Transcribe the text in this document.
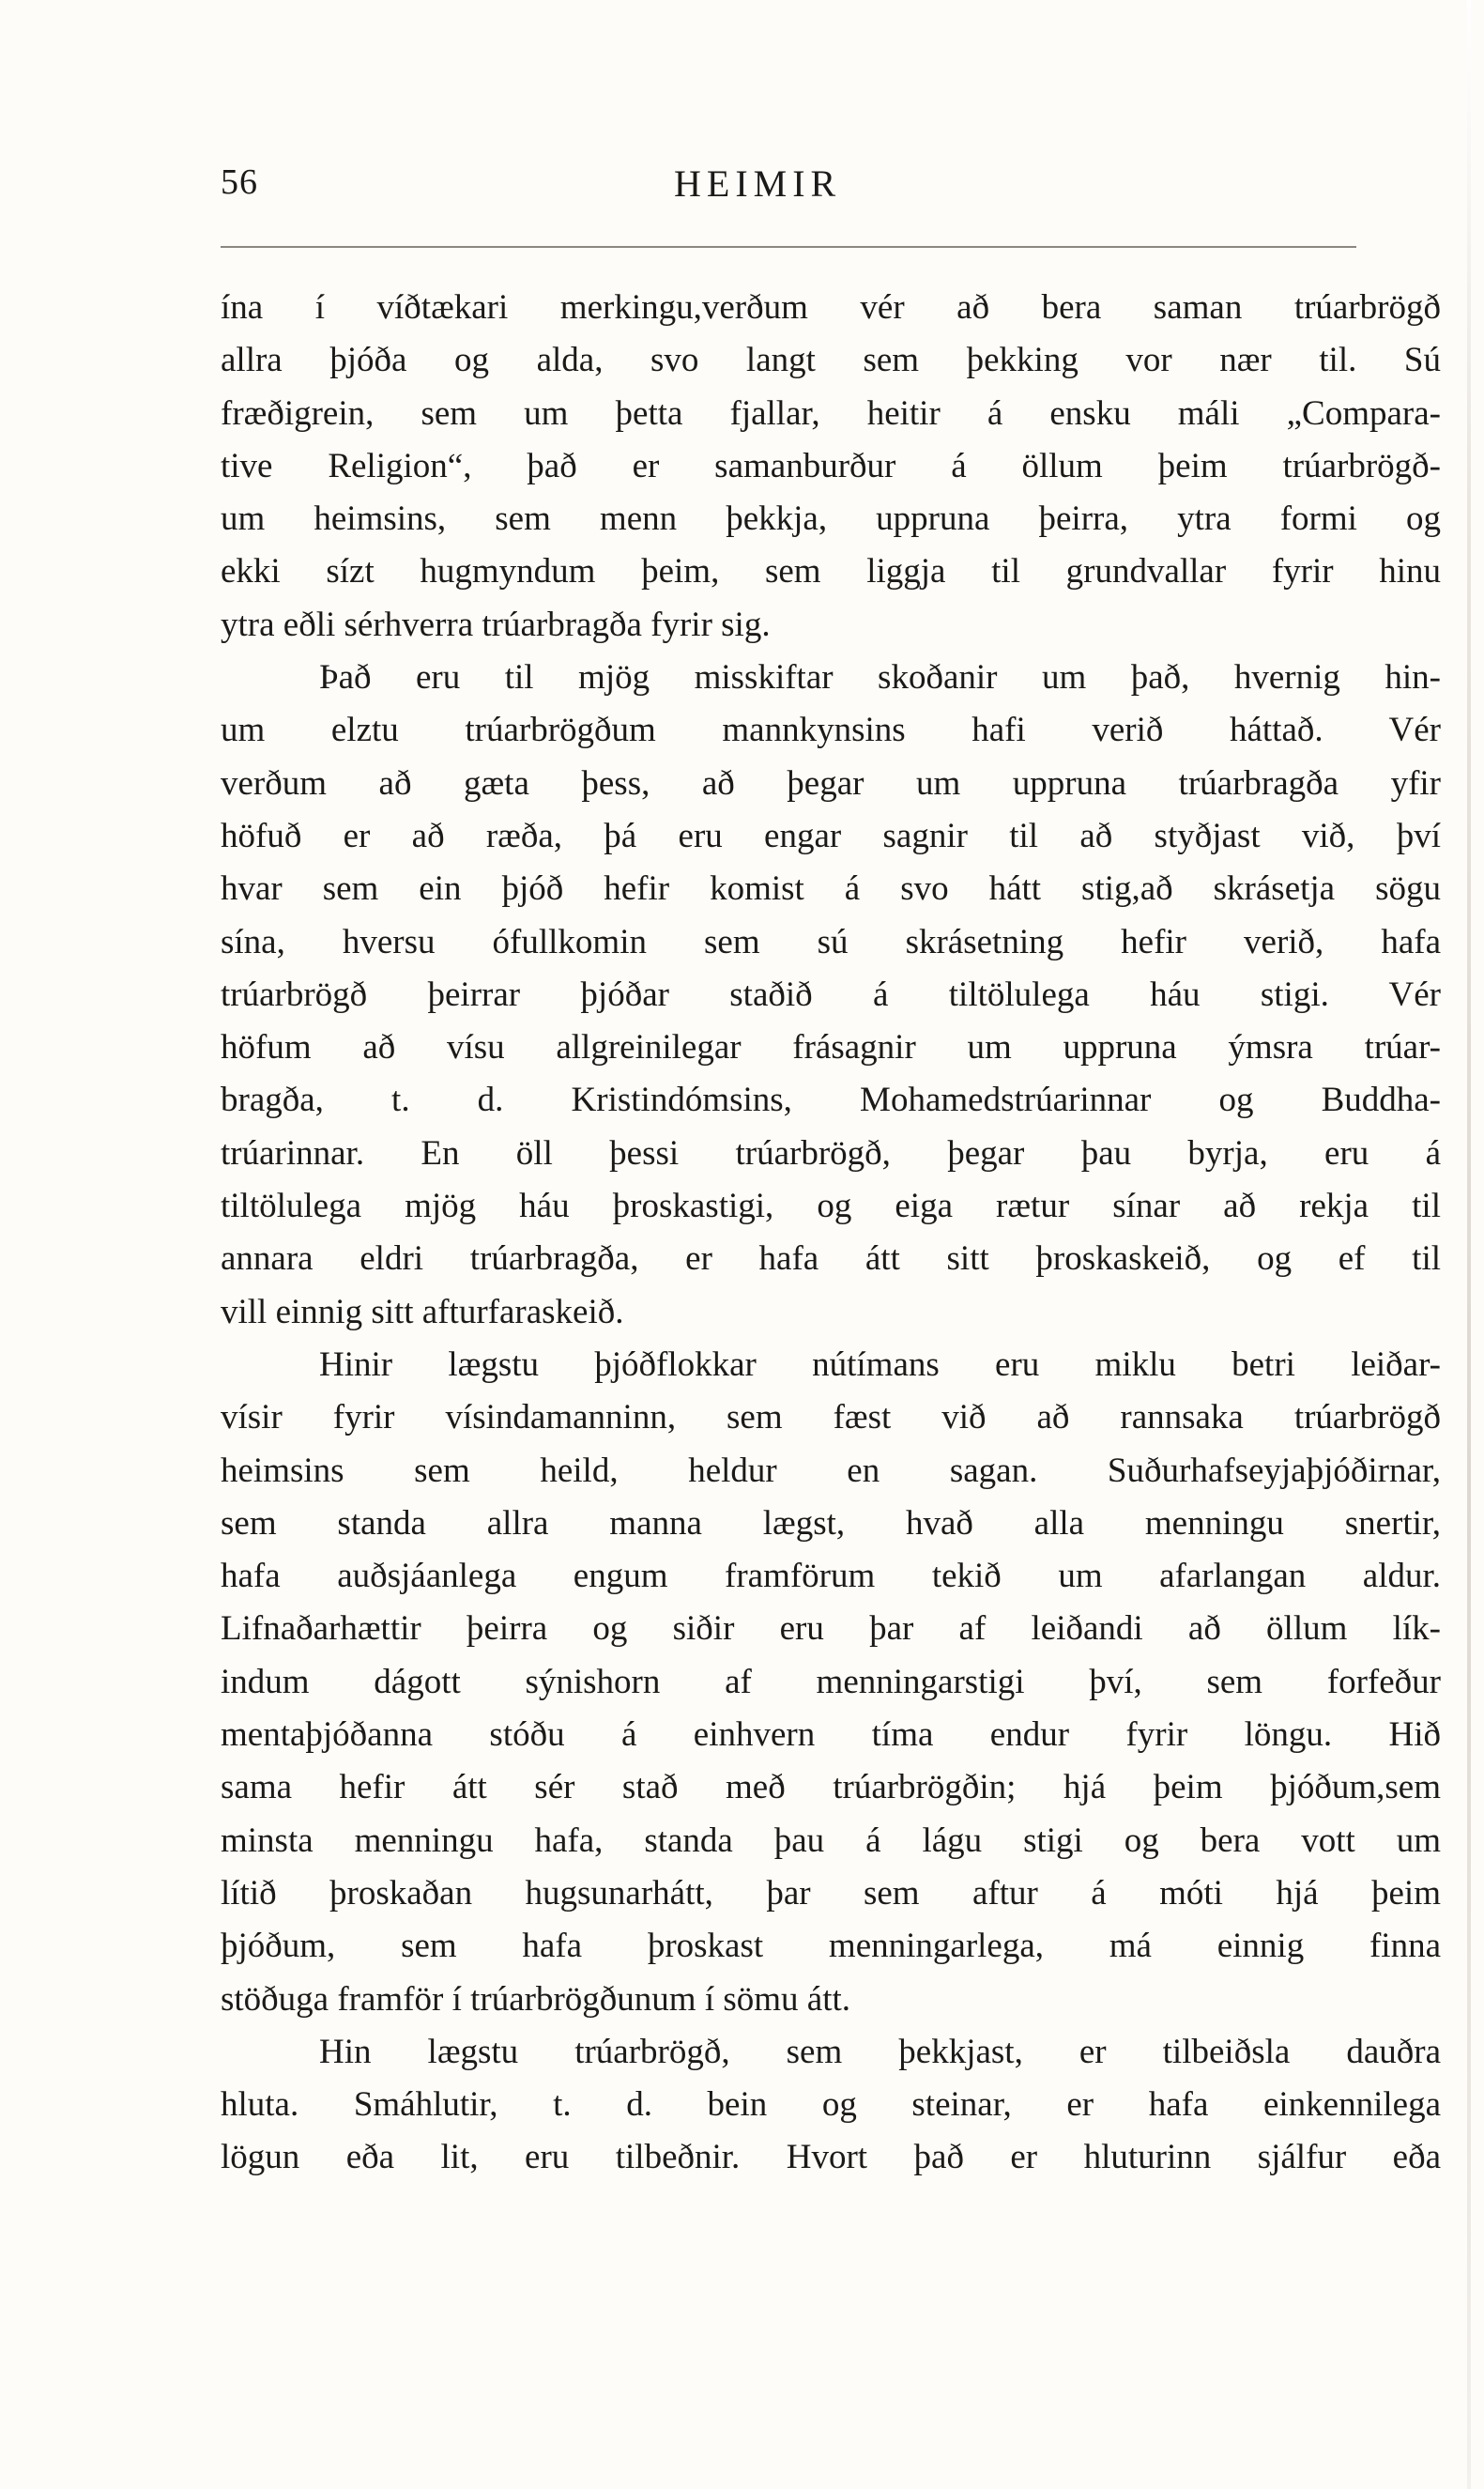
56	HEIMIR
ína í víðtækari merkingu,verðum vér að bera saman trúarbrögð
allra þjóða og alda, svo langt sem þekking vor nær til. Sú
fræðigrein, sem um þetta fjallar, heitir á ensku máli „Compara-
tive Religion“, það er samanburður á öllum þeim trúarbrögð-
um heimsins, sem menn þekkja, uppruna þeirra, ytra formi og
ekki sízt hugmyndum þeim, sem liggja til grundvallar fyrir hinu
ytra eðli sérhverra trúarbragða fyrir sig.
Það eru til mjög misskiftar skoðanir um það, hvernig hin-
um elztu trúarbrögðum mannkynsins hafi verið háttað. Vér
verðum að gæta þess, að þegar um uppruna trúarbragða yfir
höfuð er að ræða, þá eru engar sagnir til að styðjast við, því
hvar sem ein þjóð hefir komist á svo hátt stig,að skrásetja sögu
sína, hversu ófullkomin sem sú skrásetning hefir verið, hafa
trúarbrögð þeirrar þjóðar staðið á tiltölulega háu stigi. Vér
höfum að vísu allgreinilegar frásagnir um uppruna ýmsra trúar-
bragða, t. d. Kristindómsins, Mohamedstrúarinnar og Buddha-
trúarinnar. En öll þessi trúarbrögð, þegar þau byrja, eru á
tiltölulega mjög háu þroskastigi, og eiga rætur sínar að rekja til
annara eldri trúarbragða, er hafa átt sitt þroskaskeið, og ef til
vill einnig sitt afturfaraskeið.
Hinir lægstu þjóðflokkar nútímans eru miklu betri leiðar-
vísir fyrir vísindamanninn, sem fæst við að rannsaka trúarbrögð
heimsins sem heild, heldur en sagan. Suðurhafseyjaþjóðirnar,
sem standa allra manna lægst, hvað alla menningu snertir,
hafa auðsjáanlega engum framförum tekið um afarlangan aldur.
Lifnaðarhættir þeirra og siðir eru þar af leiðandi að öllum lík-
indum dágott sýnishorn af menningarstigi því, sem forfeður
mentaþjóðanna stóðu á einhvern tíma endur fyrir löngu. Hið
sama hefir átt sér stað með trúarbrögðin; hjá þeim þjóðum,sem
minsta menningu hafa, standa þau á lágu stigi og bera vott um
lítið þroskaðan hugsunarhátt, þar sem aftur á móti hjá þeim
þjóðum, sem hafa þroskast menningarlega, má einnig finna
stöðuga framför í trúarbrögðunum í sömu átt.
Hin lægstu trúarbrögð, sem þekkjast, er tilbeiðsla dauðra
hluta. Smáhlutir, t. d. bein og steinar, er hafa einkennilega
lögun eða lit, eru tilbeðnir. Hvort það er hluturinn sjálfur eða
